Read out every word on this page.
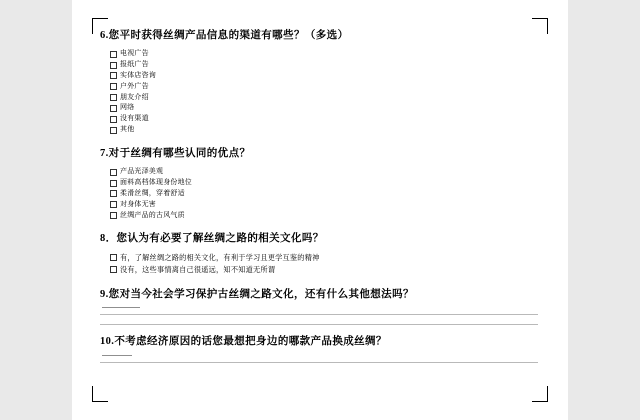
6.您平时获得丝绸产品信息的渠道有哪些？（多选）

电视广告
报纸广告
实体店咨询
户外广告
朋友介绍
网络
没有渠道
其他

7.对于丝绸有哪些认同的优点？

产品光泽美观
面料高档体现身份地位
柔滑丝绸，穿着舒适
对身体无害
丝绸产品的古风气质

8．您认为有必要了解丝绸之路的相关文化吗？

有，了解丝绸之路的相关文化，有利于学习且更学互鉴的精神
没有，这些事情离自己很遥远，知不知道无所谓

9.您对当今社会学习保护古丝绸之路文化，还有什么其他想法吗？

10.不考虑经济原因的话您最想把身边的哪款产品换成丝绸？
